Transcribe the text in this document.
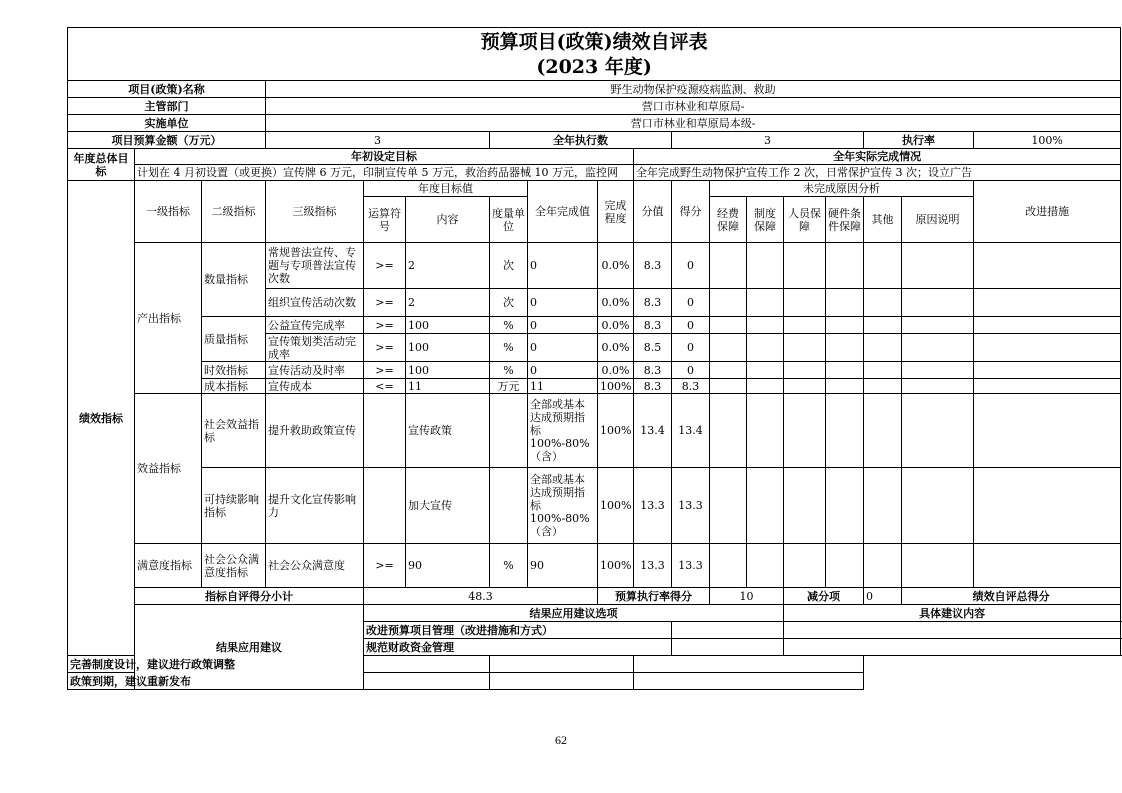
预算项目(政策)绩效自评表																		
(2023 年度)																		
项目(政策)名称			野生动物保护疫源疫病监测、救助															
主管部门			营口市林业和草原局-															
实施单位			营口市林业和草原局本级-															
项目预算金额（万元）			3			全年执行数				3					执行率		100%	
年度总体目标	年初设定目标								全年实际完成情况									
	计划在 4 月初设置（或更换）宣传牌 6 万元，印制宣传单 5 万元，救治药品器械 10 万元，监控网								全年完成野生动物保护宣传工作 2 次，日常保护宣传 3 次；设立广告									
绩效指标	一级指标	二级指标	三级指标	年度目标值			全年完成值	完成程度	分值	得分	未完成原因分析						改进措施	
				运算符号	内容	度量单位					经费保障	制度保障	人员保障	硬件条件保障	其他	原因说明		
	产出指标	数量指标	常规普法宣传、专题与专项普法宣传次数	>=	2	次	0	0.0%	8.3	0								
			组织宣传活动次数	>=	2	次	0	0.0%	8.3	0								
		质量指标	公益宣传完成率	>=	100	%	0	0.0%	8.3	0								
			宣传策划类活动完成率	>=	100	%	0	0.0%	8.5	0								
		时效指标	宣传活动及时率	>=	100	%	0	0.0%	8.3	0								
		成本指标	宣传成本	<=	11	万元	11	100%	8.3	8.3								
	效益指标	社会效益指标	提升救助政策宣传		宣传政策		全部或基本达成预期指标100%-80%（含）	100%	13.4	13.4								
		可持续影响指标	提升文化宣传影响力		加大宣传		全部或基本达成预期指标100%-80%（含）	100%	13.3	13.3								
	满意度指标	社会公众满意度指标	社会公众满意度	>=	90	%	90	100%	13.3	13.3								
	指标自评得分小计			48.3				预算执行率得分			10		减分项		0	绩效自评总得分	
	结果应用建议			结果应用建议选项									具体建议内容					
				改进预算项目管理（改进措施和方式）														
				规范财政资金管理														
完善制度设计，建议进行政策调整																		
政策到期，建议重新发布																		
62
